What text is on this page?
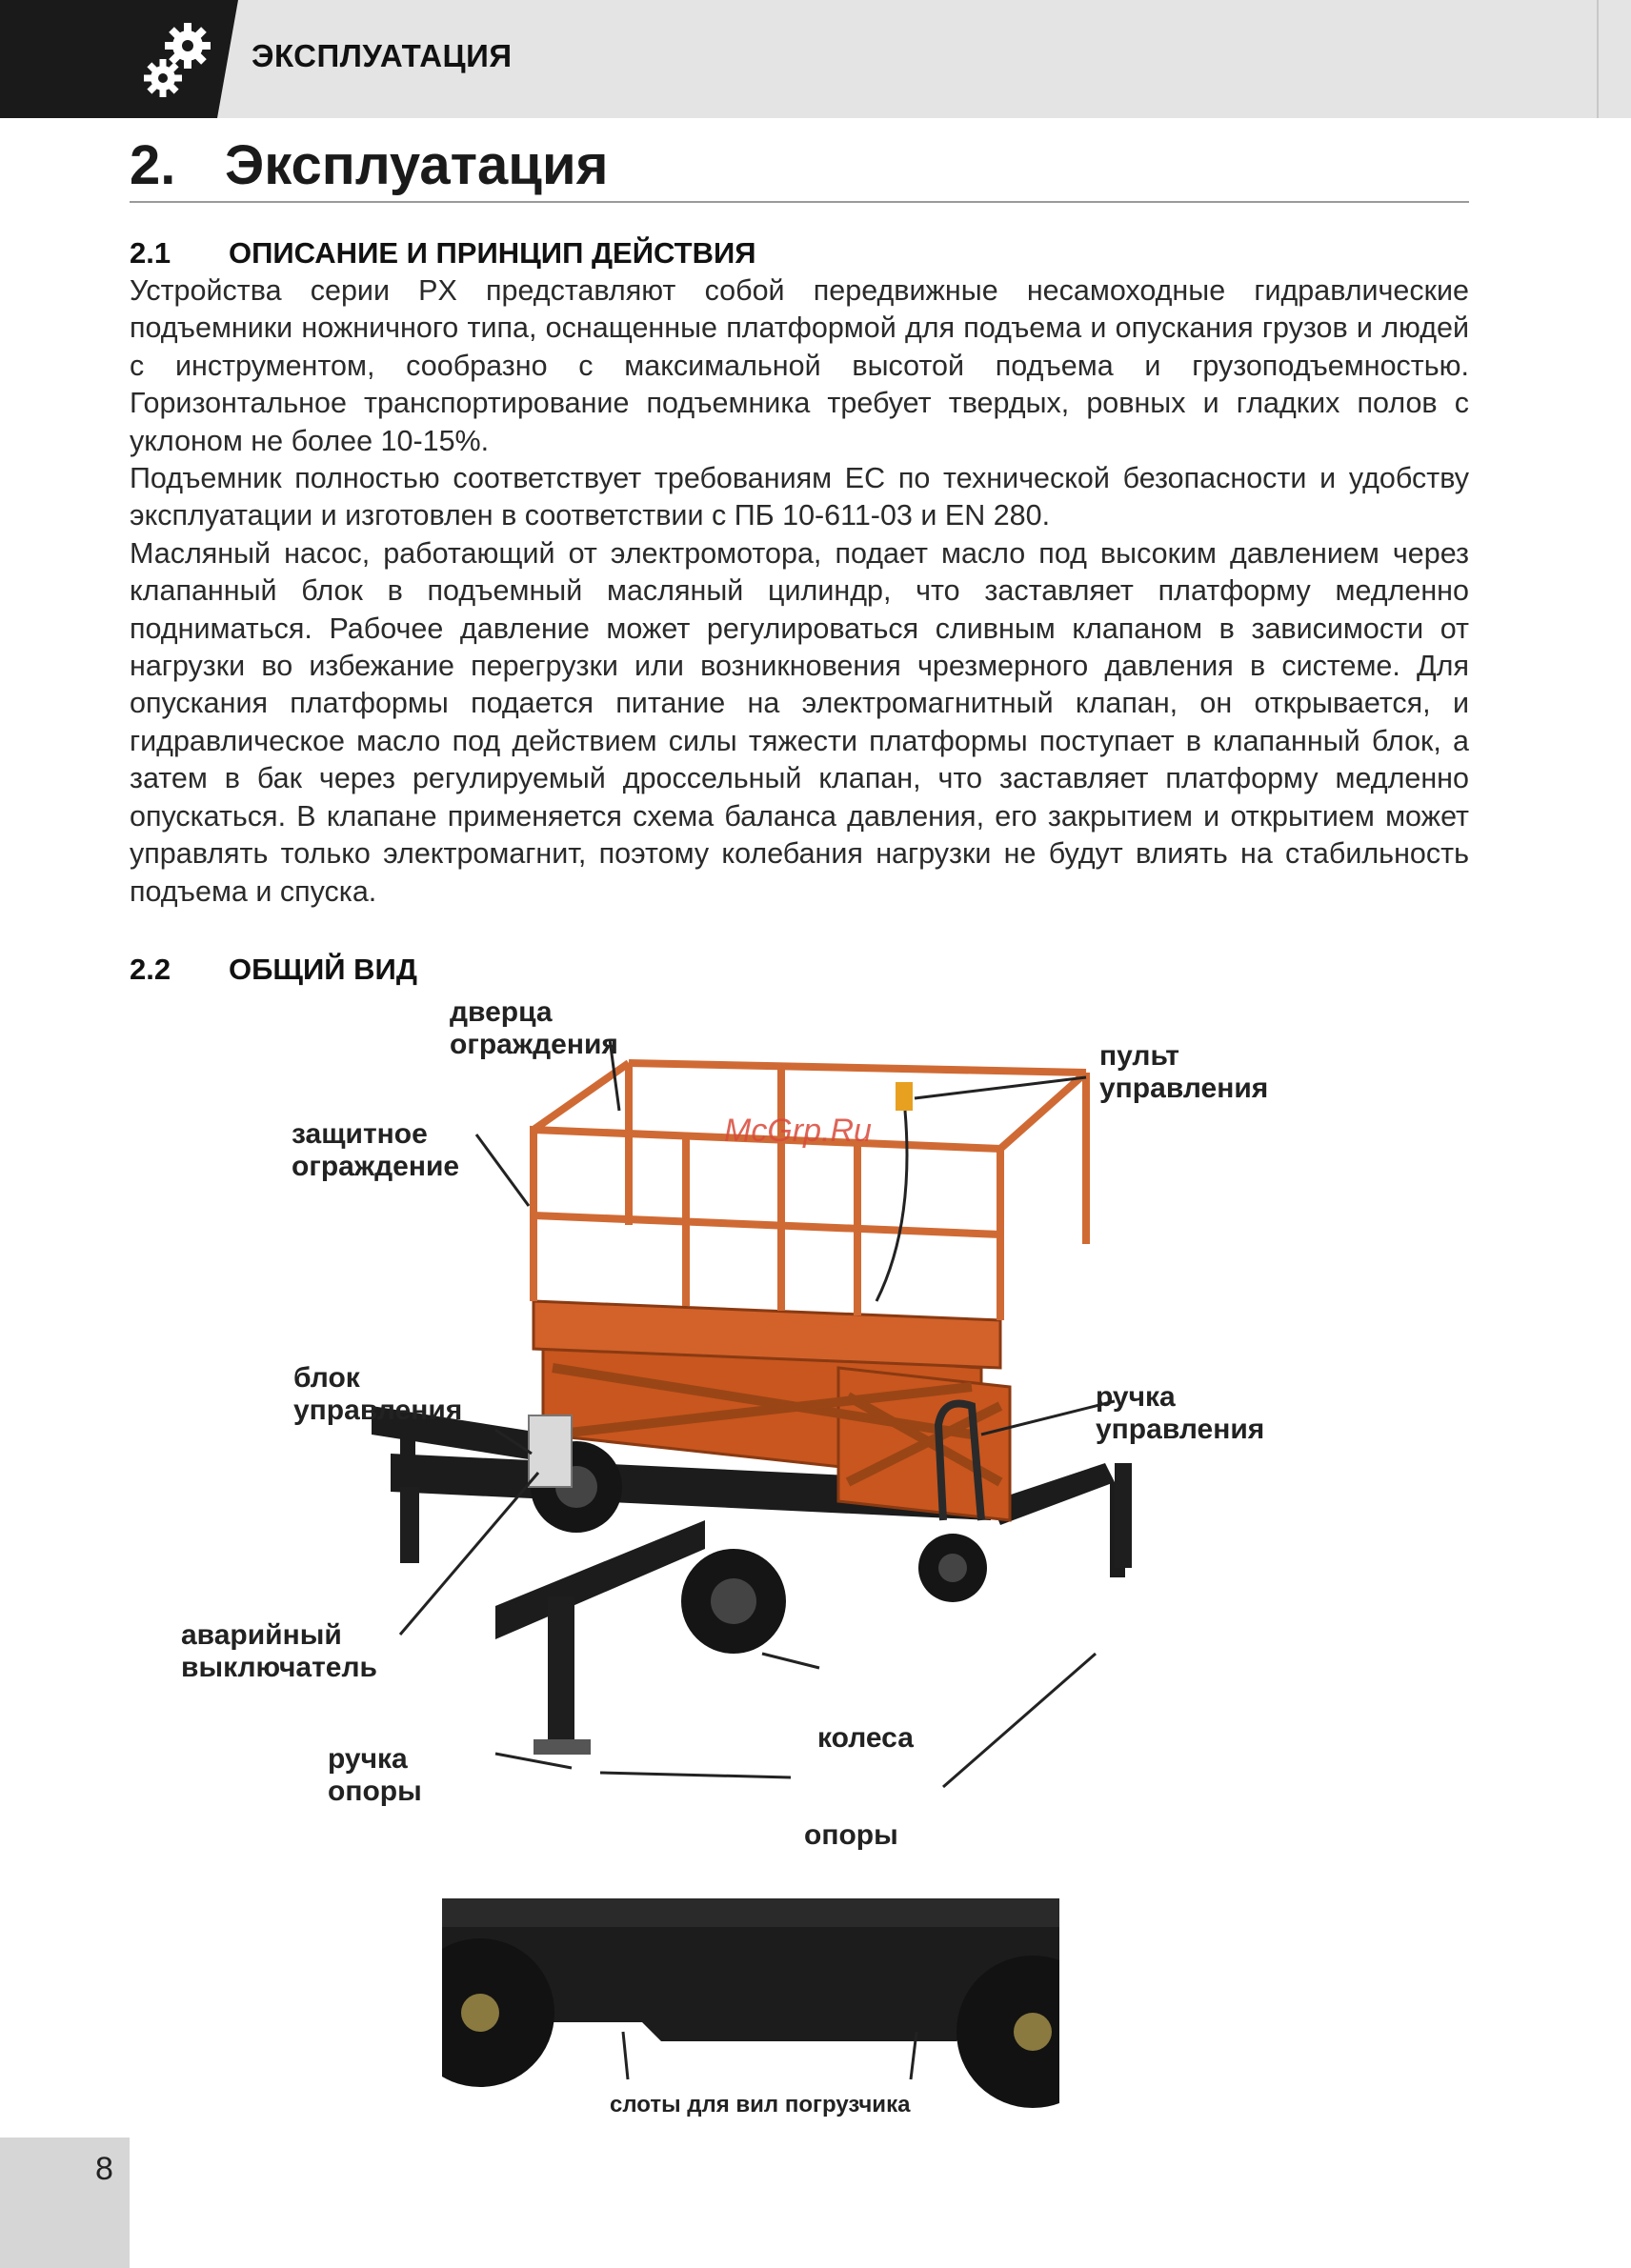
ЭКСПЛУАТАЦИЯ
2. Эксплуатация
2.1 ОПИСАНИЕ И ПРИНЦИП ДЕЙСТВИЯ

Устройства серии PX представляют собой передвижные несамоходные гидравлические подъемники ножничного типа, оснащенные платформой для подъема и опускания грузов и людей с инструментом, сообразно с максимальной высотой подъема и грузоподъемностью. Горизонтальное транспортирование подъемника требует твердых, ровных и гладких полов с уклоном не более 10-15%.

Подъемник полностью соответствует требованиям ЕС по технической безопасности и удобству эксплуатации и изготовлен в соответствии с ПБ 10-611-03 и EN 280.

Масляный насос, работающий от электромотора, подает масло под высоким давлением через клапанный блок в подъемный масляный цилиндр, что заставляет платформу медленно подниматься. Рабочее давление может регулироваться сливным клапаном в зависимости от нагрузки во избежание перегрузки или возникновения чрезмерного давления в системе. Для опускания платформы подается питание на электромагнитный клапан, он открывается, и гидравлическое масло под действием силы тяжести платформы поступает в клапанный блок, а затем в бак через регулируемый дроссельный клапан, что заставляет платформу медленно опускаться. В клапане применяется схема баланса давления, его закрытием и открытием может управлять только электромагнит, поэтому колебания нагрузки не будут влиять на стабильность подъема и спуска.

2.2 ОБЩИЙ ВИД
McGrp.Ru
дверца
ограждения
защитное
ограждение
пульт
управления
блок
управления	ручка
управления
аварийный
выключатель
колеса
ручка
опоры
опоры
слоты для вил погрузчика
8
